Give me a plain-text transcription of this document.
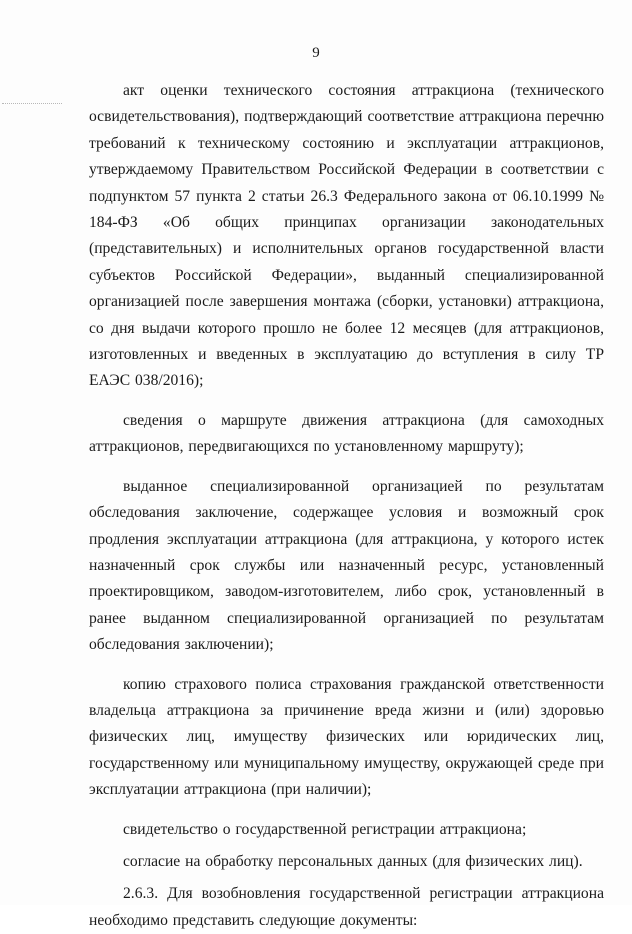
9

акт оценки технического состояния аттракциона (технического освидетельствования), подтверждающий соответствие аттракциона перечню требований к техническому состоянию и эксплуатации аттракционов, утверждаемому Правительством Российской Федерации в соответствии с подпунктом 57 пункта 2 статьи 26.3 Федерального закона от 06.10.1999 № 184-ФЗ «Об общих принципах организации законодательных (представительных) и исполнительных органов государственной власти субъектов Российской Федерации», выданный специализированной организацией после завершения монтажа (сборки, установки) аттракциона, со дня выдачи которого прошло не более 12 месяцев (для аттракционов, изготовленных и введенных в эксплуатацию до вступления в силу ТР ЕАЭС 038/2016);

сведения о маршруте движения аттракциона (для самоходных аттракционов, передвигающихся по установленному маршруту);

выданное специализированной организацией по результатам обследования заключение, содержащее условия и возможный срок продления эксплуатации аттракциона (для аттракциона, у которого истек назначенный срок службы или назначенный ресурс, установленный проектировщиком, заводом-изготовителем, либо срок, установленный в ранее выданном специализированной организацией по результатам обследования заключении);

копию страхового полиса страхования гражданской ответственности владельца аттракциона за причинение вреда жизни и (или) здоровью физических лиц, имуществу физических или юридических лиц, государственному или муниципальному имуществу, окружающей среде при эксплуатации аттракциона (при наличии);

свидетельство о государственной регистрации аттракциона;

согласие на обработку персональных данных (для физических лиц).

2.6.3. Для возобновления государственной регистрации аттракциона необходимо представить следующие документы:
